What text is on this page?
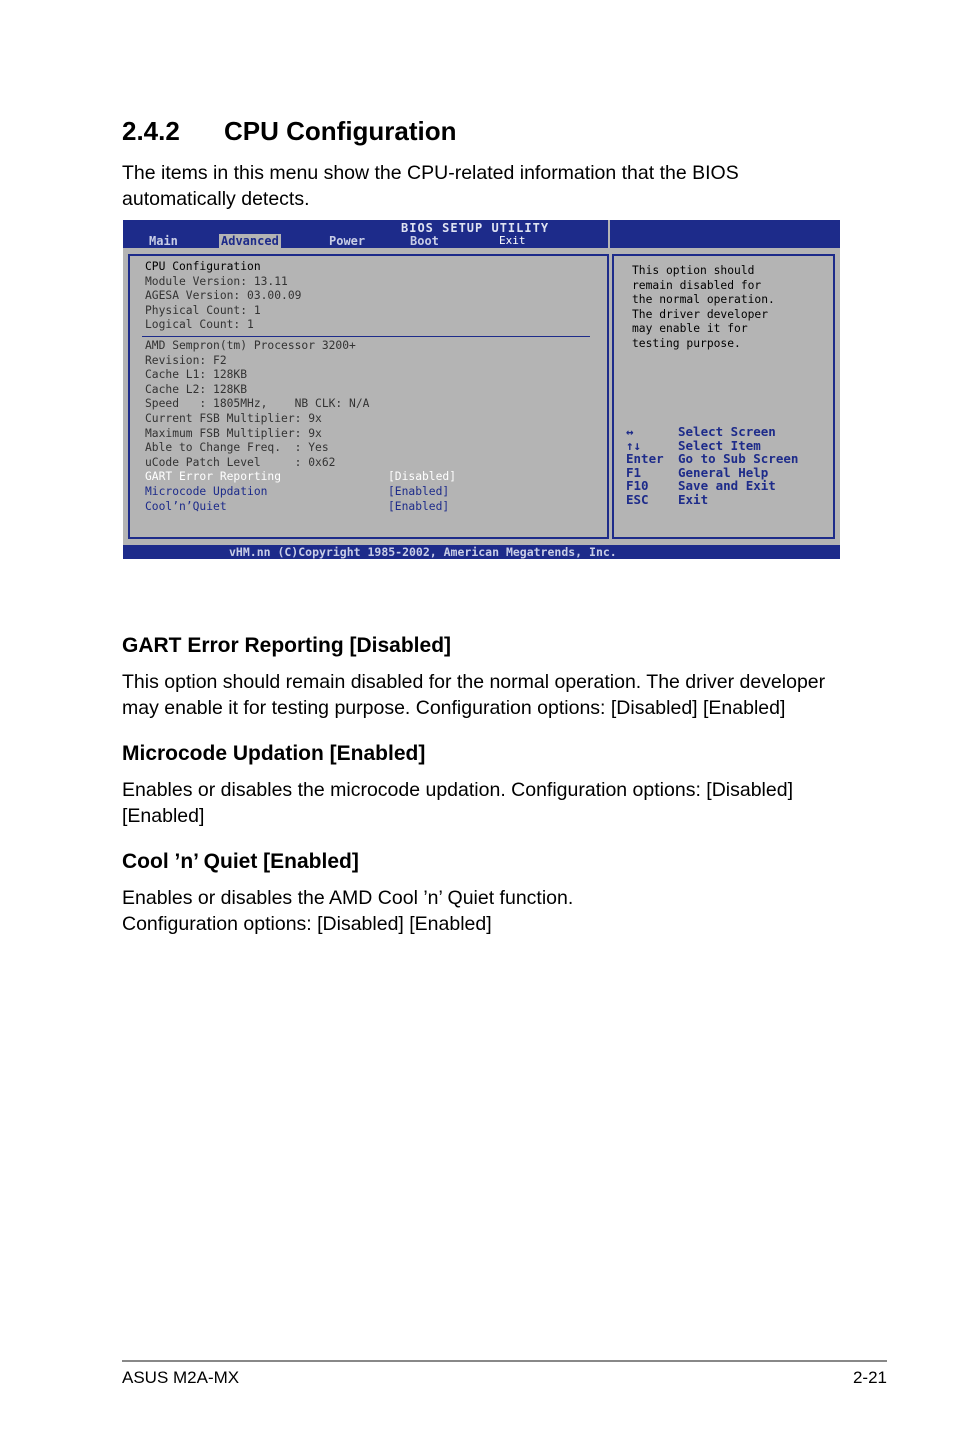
2.4.2 CPU Configuration

The items in this menu show the CPU-related information that the BIOS automatically detects.

BIOS SETUP UTILITY
Main	Advanced	Power	Boot	Exit
CPU Configuration
Module Version: 13.11
AGESA Version: 03.00.09
Physical Count: 1
Logical Count: 1
AMD Sempron(tm) Processor 3200+
Revision: F2
Cache L1: 128KB
Cache L2: 128KB
Speed   : 1805MHz,    NB CLK: N/A
Current FSB Multiplier: 9x
Maximum FSB Multiplier: 9x
Able to Change Freq.  : Yes
uCode Patch Level     : 0x62
GART Error Reporting	[Disabled]
Microcode Updation	[Enabled]
Cool’n’Quiet	[Enabled]
This option should
remain disabled for
the normal operation.
The driver developer
may enable it for
testing purpose.
↔	Select Screen
↑↓	Select Item
Enter Go to Sub Screen
F1	General Help
F10 Save and Exit
ESC Exit
vHM.nn (C)Copyright 1985-2002, American Megatrends, Inc.
GART Error Reporting [Disabled]

This option should remain disabled for the normal operation. The driver developer may enable it for testing purpose. Configuration options: [Disabled] [Enabled]

Microcode Updation [Enabled]

Enables or disables the microcode updation. Configuration options: [Disabled] [Enabled]

Cool ’n’ Quiet [Enabled]

Enables or disables the AMD Cool ’n’ Quiet function.
Configuration options: [Disabled] [Enabled]

ASUS M2A-MX	2-21
